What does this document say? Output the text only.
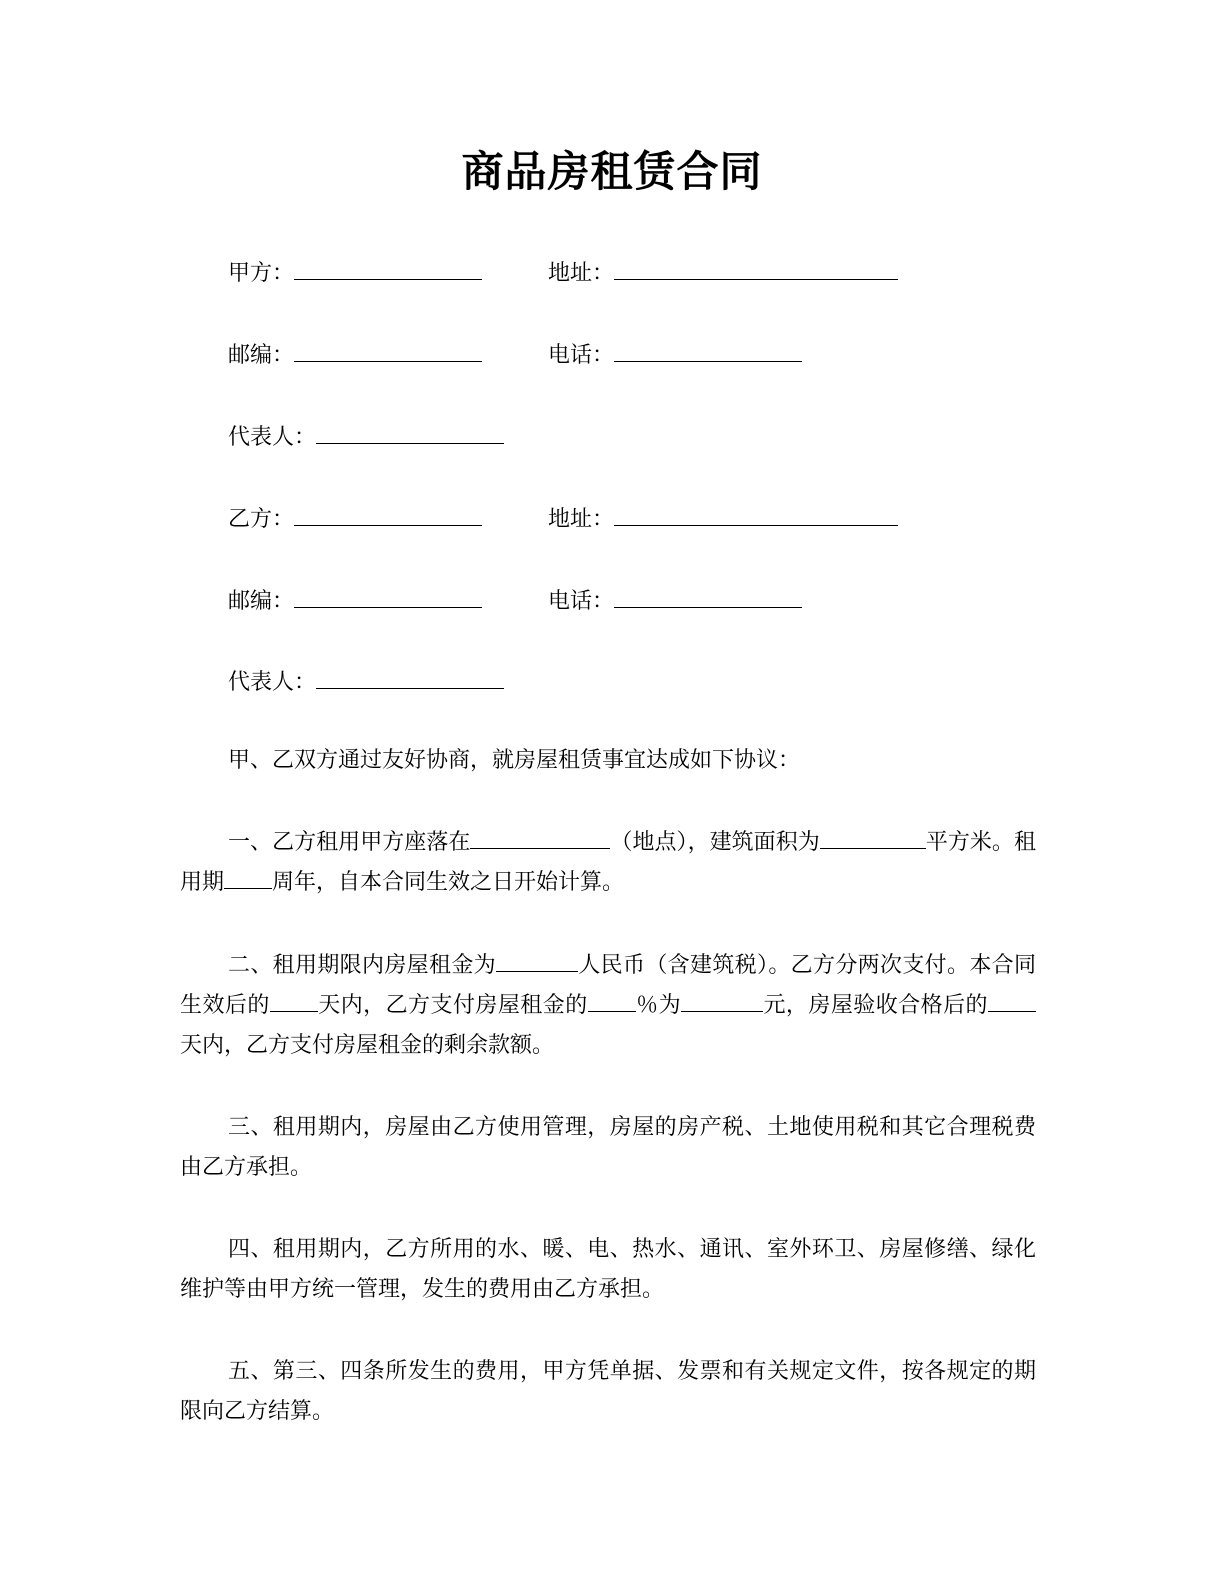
商品房租赁合同
甲方：	地址：
邮编：	电话：
代表人：
乙方：	地址：
邮编：	电话：
代表人：

甲、乙双方通过友好协商，就房屋租赁事宜达成如下协议：

一、乙方租用甲方座落在	（地点），建筑面积为	平方米。租用期 周年，自本合同生效之日开始计算。

二、租用期限内房屋租金为	人民币（含建筑税）。乙方分两次支付。本合同生效后的 天内，乙方支付房屋租金的 ％为	元，房屋验收合格后的天内，乙方支付房屋租金的剩余款额。

三、租用期内，房屋由乙方使用管理，房屋的房产税、土地使用税和其它合理税费由乙方承担。

四、租用期内，乙方所用的水、暖、电、热水、通讯、室外环卫、房屋修缮、绿化维护等由甲方统一管理，发生的费用由乙方承担。

五、第三、四条所发生的费用，甲方凭单据、发票和有关规定文件，按各规定的期限向乙方结算。
